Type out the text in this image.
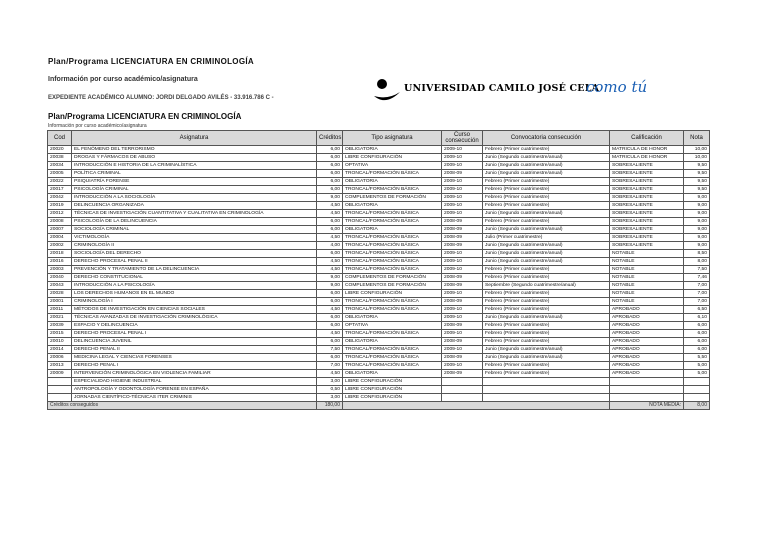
Plan/Programa LICENCIATURA EN CRIMINOLOGÍA
Información por curso académico/asignatura
EXPEDIENTE ACADÉMICO ALUMNO: JORDI DELGADO AVILÉS - 33.916.786 C -
UNIVERSIDAD CAMILO JOSÉ CELA
como tú
Plan/Programa LICENCIATURA EN CRIMINOLOGÍA
Información por curso académico/asignatura
Cod	Asignatura	Créditos	Tipo asignatura	Curso consecución	Convocatoria consecución	Calificación	Nota
20020	EL FENÓMENO DEL TERRORISMO	6,00	OBLIGATORIA	2009-10	Febrero (Primer cuatrimestre)	MATRICULA DE HONOR	10,00
20038	DROGAS Y FÁRMACOS DE ABUSO	6,00	LIBRE CONFIGURACIÓN	2009-10	Junio (Segundo cuatrimestre/anual)	MATRICULA DE HONOR	10,00
20034	INTRODUCCIÓN E HISTORIA DE LA CRIMINALÍSTICA	6,00	OPTATIVA	2009-10	Junio (Segundo cuatrimestre/anual)	SOBRESALIENTE	9,50
20005	POLÍTICA CRIMINAL	6,00	TRONCAL/FORMACIÓN BÁSICA	2008-09	Junio (Segundo cuatrimestre/anual)	SOBRESALIENTE	9,50
20022	PSIQUIATRÍA FORENSE	6,00	OBLIGATORIA	2009-10	Febrero (Primer cuatrimestre)	SOBRESALIENTE	9,50
20017	PSICOLOGÍA CRIMINAL	6,00	TRONCAL/FORMACIÓN BÁSICA	2009-10	Febrero (Primer cuatrimestre)	SOBRESALIENTE	9,50
20042	INTRODUCCIÓN A LA SOCIOLOGÍA	9,00	COMPLEMENTOS DE FORMACIÓN	2009-10	Febrero (Primer cuatrimestre)	SOBRESALIENTE	9,00
20019	DELINCUENCIA ORGANIZADA	4,50	OBLIGATORIA	2009-10	Febrero (Primer cuatrimestre)	SOBRESALIENTE	9,00
20012	TÉCNICAS DE INVESTIGACIÓN CUANTITATIVA Y CUALITATIVA EN CRIMINOLOGÍA	4,50	TRONCAL/FORMACIÓN BÁSICA	2009-10	Junio (Segundo cuatrimestre/anual)	SOBRESALIENTE	9,00
20008	PSICOLOGÍA DE LA DELINCUENCIA	6,00	TRONCAL/FORMACIÓN BÁSICA	2008-09	Febrero (Primer cuatrimestre)	SOBRESALIENTE	9,00
20007	SOCIOLOGÍA CRIMINAL	6,00	OBLIGATORIA	2008-09	Junio (Segundo cuatrimestre/anual)	SOBRESALIENTE	9,00
20004	VICTIMOLOGÍA	4,50	TRONCAL/FORMACIÓN BÁSICA	2008-09	Julio (Primer cuatrimestre)	SOBRESALIENTE	9,00
20002	CRIMINOLOGÍA II	4,00	TRONCAL/FORMACIÓN BÁSICA	2008-09	Junio (Segundo cuatrimestre/anual)	SOBRESALIENTE	9,00
20018	SOCIOLOGÍA DEL DERECHO	6,00	TRONCAL/FORMACIÓN BÁSICA	2009-10	Junio (Segundo cuatrimestre/anual)	NOTABLE	8,50
20016	DERECHO PROCESAL PENAL II	4,50	TRONCAL/FORMACIÓN BÁSICA	2009-10	Junio (Segundo cuatrimestre/anual)	NOTABLE	8,00
20003	PREVENCIÓN Y TRATAMIENTO DE LA DELINCUENCIA	4,50	TRONCAL/FORMACIÓN BÁSICA	2009-10	Febrero (Primer cuatrimestre)	NOTABLE	7,50
20040	DERECHO CONSTITUCIONAL	9,00	COMPLEMENTOS DE FORMACIÓN	2008-09	Febrero (Primer cuatrimestre)	NOTABLE	7,46
20043	INTRODUCCIÓN A LA PSICOLOGÍA	9,00	COMPLEMENTOS DE FORMACIÓN	2008-09	Septiembre (Segundo cuatrimestre/anual)	NOTABLE	7,00
20028	LOS DERECHOS HUMANOS EN EL MUNDO	6,00	LIBRE CONFIGURACIÓN	2009-10	Febrero (Primer cuatrimestre)	NOTABLE	7,00
20001	CRIMINOLOGÍA I	6,00	TRONCAL/FORMACIÓN BÁSICA	2008-09	Febrero (Primer cuatrimestre)	NOTABLE	7,00
20011	MÉTODOS DE INVESTIGACIÓN EN CIENCIAS SOCIALES	4,50	TRONCAL/FORMACIÓN BÁSICA	2009-10	Febrero (Primer cuatrimestre)	APROBADO	6,50
20021	TÉCNICAS AVANZADAS DE INVESTIGACIÓN CRIMINOLÓGICA	6,00	OBLIGATORIA	2009-10	Junio (Segundo cuatrimestre/anual)	APROBADO	6,10
20039	ESPACIO Y DELINCUENCIA	6,00	OPTATIVA	2008-09	Febrero (Primer cuatrimestre)	APROBADO	6,00
20015	DERECHO PROCESAL PENAL I	4,50	TRONCAL/FORMACIÓN BÁSICA	2009-10	Febrero (Primer cuatrimestre)	APROBADO	6,00
20010	DELINCUENCIA JUVENIL	6,00	OBLIGATORIA	2008-09	Febrero (Primer cuatrimestre)	APROBADO	6,00
20014	DERECHO PENAL II	7,50	TRONCAL/FORMACIÓN BÁSICA	2009-10	Junio (Segundo cuatrimestre/anual)	APROBADO	6,00
20006	MEDICINA LEGAL Y CIENCIAS FORENSES	6,00	TRONCAL/FORMACIÓN BÁSICA	2008-09	Junio (Segundo cuatrimestre/anual)	APROBADO	5,50
20013	DERECHO PENAL I	7,00	TRONCAL/FORMACIÓN BÁSICA	2009-10	Febrero (Primer cuatrimestre)	APROBADO	5,00
20009	INTERVENCIÓN CRIMINOLÓGICA EN VIOLENCIA FAMILIAR	4,50	OBLIGATORIA	2008-09	Febrero (Primer cuatrimestre)	APROBADO	5,00
	ESPECIALIDAD HIGIENE INDUSTRIAL	3,00	LIBRE CONFIGURACIÓN				
	ANTROPOLOGÍA Y ODONTOLOGÍA FORENSE EN ESPAÑA	0,50	LIBRE CONFIGURACIÓN				
	JORNADAS CIENTÍFICO-TÉCNICAS ITER CRIMINIS	3,00	LIBRE CONFIGURACIÓN				
Créditos conseguidos		180,00				NOTA MEDIA:	8,00
